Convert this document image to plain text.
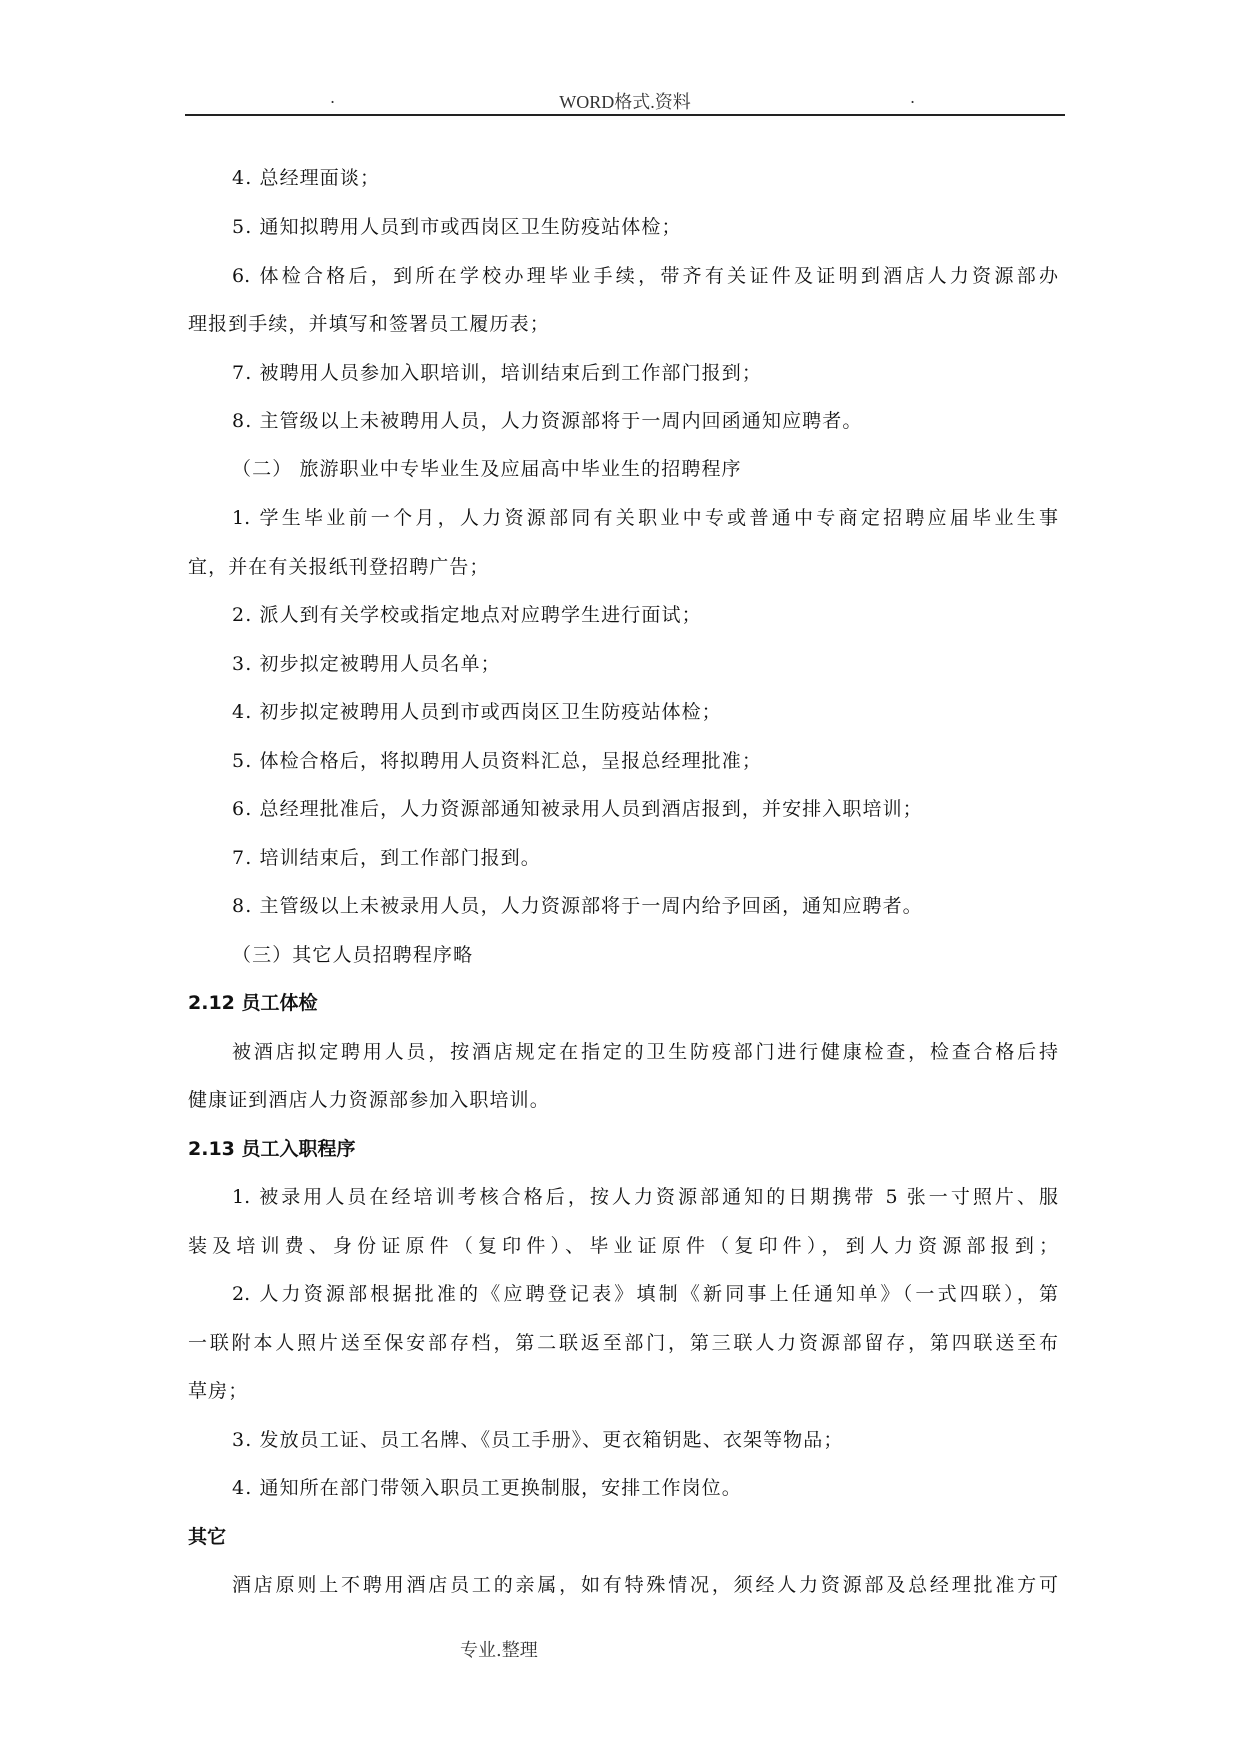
.	WORD格式.资料	.
4. 总经理面谈；
5. 通知拟聘用人员到市或西岗区卫生防疫站体检；
6. 体检合格后，到所在学校办理毕业手续，带齐有关证件及证明到酒店人力资源部办
理报到手续，并填写和签署员工履历表；
7. 被聘用人员参加入职培训，培训结束后到工作部门报到；
8. 主管级以上未被聘用人员，人力资源部将于一周内回函通知应聘者。
（二） 旅游职业中专毕业生及应届高中毕业生的招聘程序
1. 学生毕业前一个月，人力资源部同有关职业中专或普通中专商定招聘应届毕业生事
宜，并在有关报纸刊登招聘广告；
2. 派人到有关学校或指定地点对应聘学生进行面试；
3. 初步拟定被聘用人员名单；
4. 初步拟定被聘用人员到市或西岗区卫生防疫站体检；
5. 体检合格后，将拟聘用人员资料汇总，呈报总经理批准；
6. 总经理批准后，人力资源部通知被录用人员到酒店报到，并安排入职培训；
7. 培训结束后，到工作部门报到。
8. 主管级以上未被录用人员，人力资源部将于一周内给予回函，通知应聘者。
（三）其它人员招聘程序略
2.12 员工体检
被酒店拟定聘用人员，按酒店规定在指定的卫生防疫部门进行健康检查，检查合格后持
健康证到酒店人力资源部参加入职培训。
2.13 员工入职程序
1. 被录用人员在经培训考核合格后，按人力资源部通知的日期携带 5 张一寸照片、服
装及培训费、身份证原件（复印件）、毕业证原件（复印件），到人力资源部报到；
2. 人力资源部根据批准的《应聘登记表》填制《新同事上任通知单》（一式四联），第
一联附本人照片送至保安部存档，第二联返至部门，第三联人力资源部留存，第四联送至布
草房；
3. 发放员工证、员工名牌、《员工手册》、更衣箱钥匙、衣架等物品；
4. 通知所在部门带领入职员工更换制服，安排工作岗位。
其它
酒店原则上不聘用酒店员工的亲属，如有特殊情况，须经人力资源部及总经理批准方可
专业.整理
